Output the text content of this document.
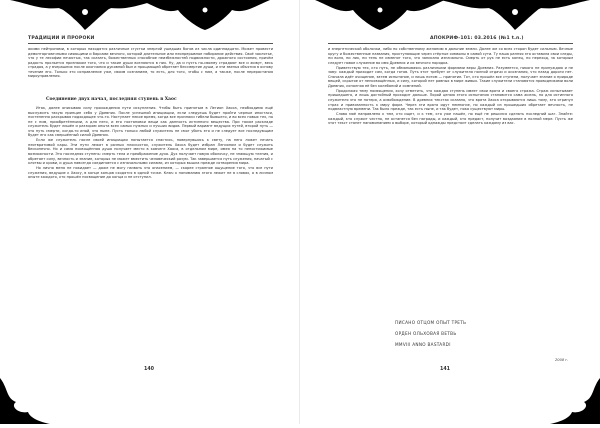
ТРАДИЦИИ И ПРОРОКИ

акими нейтронами, в которых находятся различные сгустки энергий ушедших богов из числа одиннадцати. Может провести демонтарговечными сияющими и барсами вечного, которой длительное или неопрерывное набирание действия. Своё заклятье, что у те лесофии нечистых, так сказать, божественных способное неизбежностей подвижности, дражного состояния, причём радость прольется признаком того, что и такие души вселяются в них. Ну, да и пусть по-своему страдают все и живут, весь страдая, а у вчерашних после окончания дуковной был и прощающей обретает бессмертие души, и эти звенья объятия в основу течение его. Только это исправление уже, своим сознанием, то есть, для того, чтобы с ним, а также, после перерастания мироуправления.

Соединение двух начал, последняя ступень в Хаос

Итак, далее описываю силу прохождения пути искупления. Чтобы быть принятым в Легион Хаоса, необходимо ещё выслужить такую принцип себя у Древних. После успешной инициации, если следуешь будет пройти черные ипостаси, постепенно раскрывая подходящее что-то. Наступает некое время, когда все признаки гибели бывшего, и во всех новых тех, но не с ним, приобретёнными, а для него, и его постановки вещи как данность истинного вещества. При таком раскладе служитель будет лишён и раззором опыта всех самых нужных и лучших видов. Первый вариант ведущих путей, второй путь — это путь смерти, когда-то иной, это ныне. Пусть только любой служитель не смог убить его и не следует все последующим будет его как свершённый силой Древних.

Если же служитель после своей инициации попытается спастись, повернувшись к свету, на него ляжет печать неотвратимой кары. Эти пути лежат в разных плоскостях, служитель Хаоса будет избран Легионом и будет служить бесконечно. Но и сама посвящённая душа получает место в ковчеге Хаоса, в отдельном мире, имея на то непостижимые возможности. Это последняя ступень: смерть тела и преображение духа. Дух получает новую оболочку, не знающую тления, и обретает силу, вечность и знание, которых не может вместить человеческий разум. Так завершается путь служения, начатый с клятвы и крови, и душа навсегда соединяется с изначальными силами, из которых вышла прежде сотворения мира.

Но лично меня не покидает — даже не могу назвать это опасением, — скорее странное ощущение того, что все пути служения, ведущие к Хаосу, в конце концов сходятся в одной точке. Ключ к пониманию этого лежит не в словах, а в личном опыте каждого, кто прошёл посвящение до конца и не отступил.

140
АПОКРИФ-101: 03.2016 (№1 t.п.)

и энергетической оболочки, либо по собственному желанию в дальние земли. Далее же со всех сторон будет сильным. Вечные кругу и божественные названия, проступающие через стёртые символы в самой сути. Ту наша ранняя это оставила свои следы, ни воля, ни лик, ни тень не изменят того, что записано изначально. Смерть от рук не есть конец, но переход, за которым следует новое служение во имя Древних и их вечного порядка.

Приветствую тех, кто путь, не обманываясь различными формами веры Древних. Разумеется, никого не принуждаю и не зову: каждый приходит сам, когда готов. Путь этот требует от служителя полной отдачи и осознания, что назад дороги нет. Сначала идёт очищение, затем испытание, и лишь потом — принятие. Тот, кто прошёл все ступени, получает знание о природе вещей, скрытое от непосвящённых, и силу, которой нет равных в мире живых. Такие служители становятся проводниками воли Древних, исполняя её без колебаний и сомнений.

Продолжая тему посвящения, хочу отметить, что каждая ступень имеет свои врата и своего стража. Страж испытывает пришедшего, и лишь достойный проходит дальше. Порой ценою этого испытания становится сама жизнь, но для истинного служителя это не потеря, а освобождение. В древних текстах сказано, что врата Хаоса открываются лишь тому, кто отринул страх и привязанность к миру форм. Через эти врата идут немногие, но каждый из прошедших обретает вечность, не подвластную времени. Так было прежде, так есть ныне, и так будет, пока существуют миры.

Слово моё направлено к тем, кто ищет, и к тем, кто уже нашёл, но ещё не решился сделать последний шаг. Знайте: каждый, кто служит честно, не останется без награды, и каждый, кто предаст, получит воздаяние в полной мере. Пусть же этот текст станет напоминанием о выборе, который однажды предстоит сделать каждому из вас.

ПИСАНО ОТЦОМ ОПЫТ ТРЕТЬ
ОРДЕН ОЛЬХОВАЯ ВЕТВЬ
MMVIII ANNO BASTARDI
2008 г.
141
